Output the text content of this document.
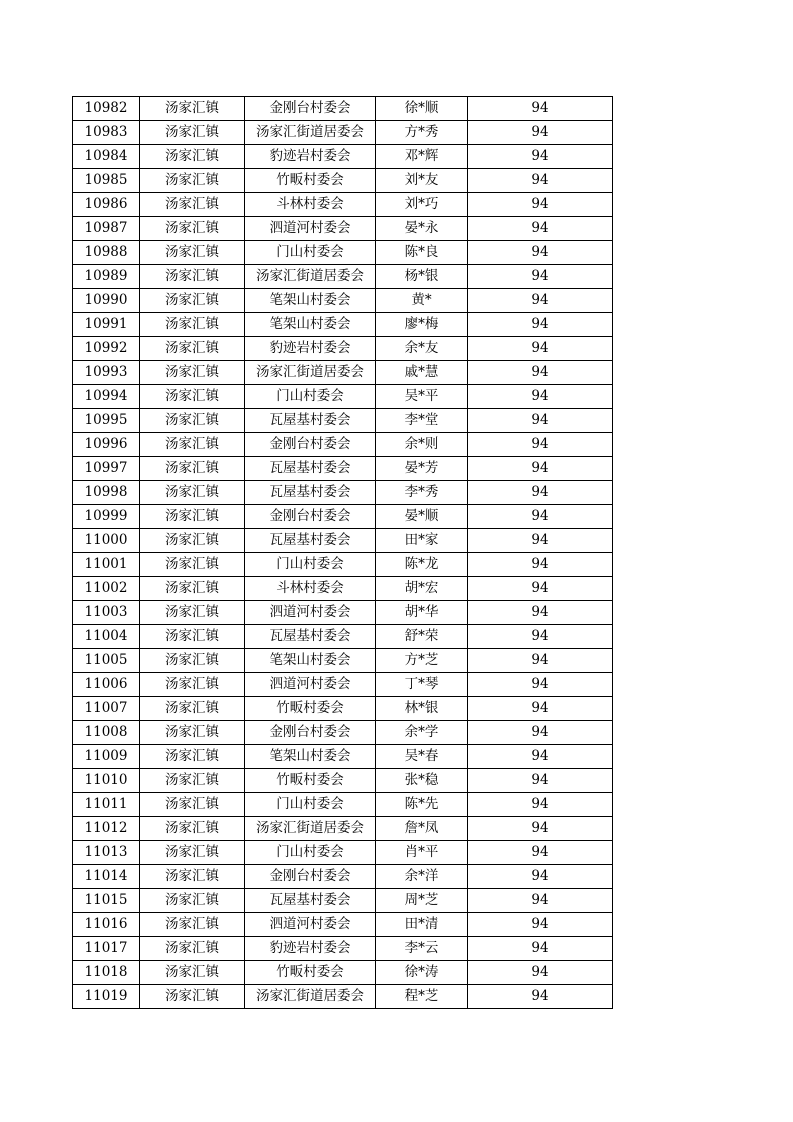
10982	汤家汇镇	金刚台村委会	徐*顺	94
10983	汤家汇镇	汤家汇街道居委会	方*秀	94
10984	汤家汇镇	豹迹岩村委会	邓*辉	94
10985	汤家汇镇	竹畈村委会	刘*友	94
10986	汤家汇镇	斗林村委会	刘*巧	94
10987	汤家汇镇	泗道河村委会	晏*永	94
10988	汤家汇镇	门山村委会	陈*良	94
10989	汤家汇镇	汤家汇街道居委会	杨*银	94
10990	汤家汇镇	笔架山村委会	黄*	94
10991	汤家汇镇	笔架山村委会	廖*梅	94
10992	汤家汇镇	豹迹岩村委会	余*友	94
10993	汤家汇镇	汤家汇街道居委会	戚*慧	94
10994	汤家汇镇	门山村委会	吴*平	94
10995	汤家汇镇	瓦屋基村委会	李*堂	94
10996	汤家汇镇	金刚台村委会	余*则	94
10997	汤家汇镇	瓦屋基村委会	晏*芳	94
10998	汤家汇镇	瓦屋基村委会	李*秀	94
10999	汤家汇镇	金刚台村委会	晏*顺	94
11000	汤家汇镇	瓦屋基村委会	田*家	94
11001	汤家汇镇	门山村委会	陈*龙	94
11002	汤家汇镇	斗林村委会	胡*宏	94
11003	汤家汇镇	泗道河村委会	胡*华	94
11004	汤家汇镇	瓦屋基村委会	舒*荣	94
11005	汤家汇镇	笔架山村委会	方*芝	94
11006	汤家汇镇	泗道河村委会	丁*琴	94
11007	汤家汇镇	竹畈村委会	林*银	94
11008	汤家汇镇	金刚台村委会	余*学	94
11009	汤家汇镇	笔架山村委会	吴*春	94
11010	汤家汇镇	竹畈村委会	张*稳	94
11011	汤家汇镇	门山村委会	陈*先	94
11012	汤家汇镇	汤家汇街道居委会	詹*凤	94
11013	汤家汇镇	门山村委会	肖*平	94
11014	汤家汇镇	金刚台村委会	余*洋	94
11015	汤家汇镇	瓦屋基村委会	周*芝	94
11016	汤家汇镇	泗道河村委会	田*清	94
11017	汤家汇镇	豹迹岩村委会	李*云	94
11018	汤家汇镇	竹畈村委会	徐*涛	94
11019	汤家汇镇	汤家汇街道居委会	程*芝	94
